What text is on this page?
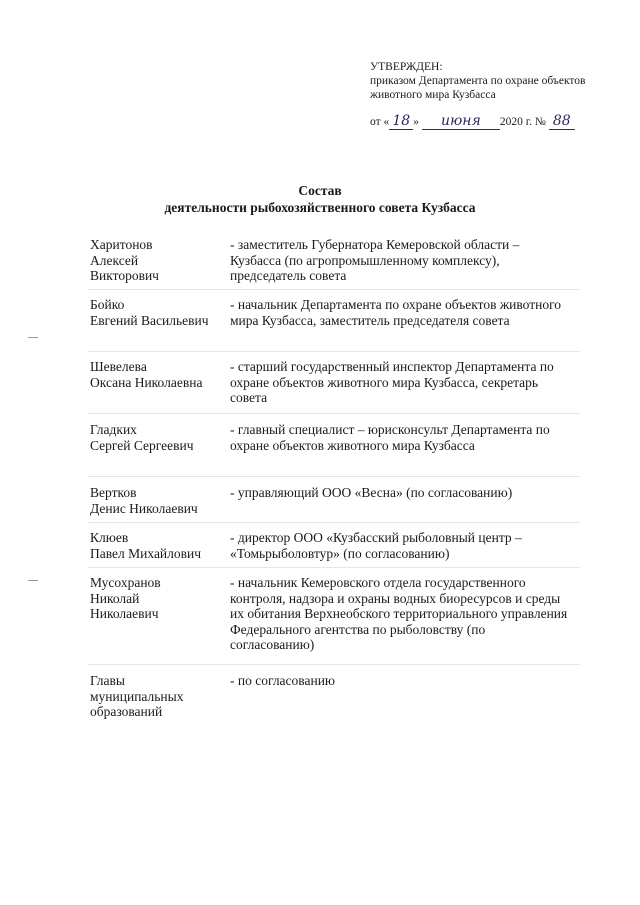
УТВЕРЖДЕН:
приказом Департамента по охране объектов
животного мира Кузбасса
от « 18 » июня 2020 г. № 88
Состав
деятельности рыбохозяйственного совета Кузбасса
Харитонов
Алексей
Викторович
- заместитель Губернатора Кемеровской области – Кузбасса (по агропромышленному комплексу), председатель совета
Бойко
Евгений Васильевич
- начальник Департамента по охране объектов животного мира Кузбасса, заместитель председателя совета
Шевелева
Оксана Николаевна
- старший государственный инспектор Департамента по охране объектов животного мира Кузбасса, секретарь совета
Гладких
Сергей Сергеевич
- главный специалист – юрисконсульт Департамента по охране объектов животного мира Кузбасса
Вертков
Денис Николаевич
- управляющий ООО «Весна» (по согласованию)
Клюев
Павел Михайлович
- директор ООО «Кузбасский рыболовный центр – «Томьрыболовтур» (по согласованию)
Мусохранов
Николай
Николаевич
- начальник Кемеровского отдела государственного контроля, надзора и охраны водных биоресурсов и среды их обитания Верхнеобского территориального управления Федерального агентства по рыболовству (по согласованию)
Главы
муниципальных
образований
- по согласованию
